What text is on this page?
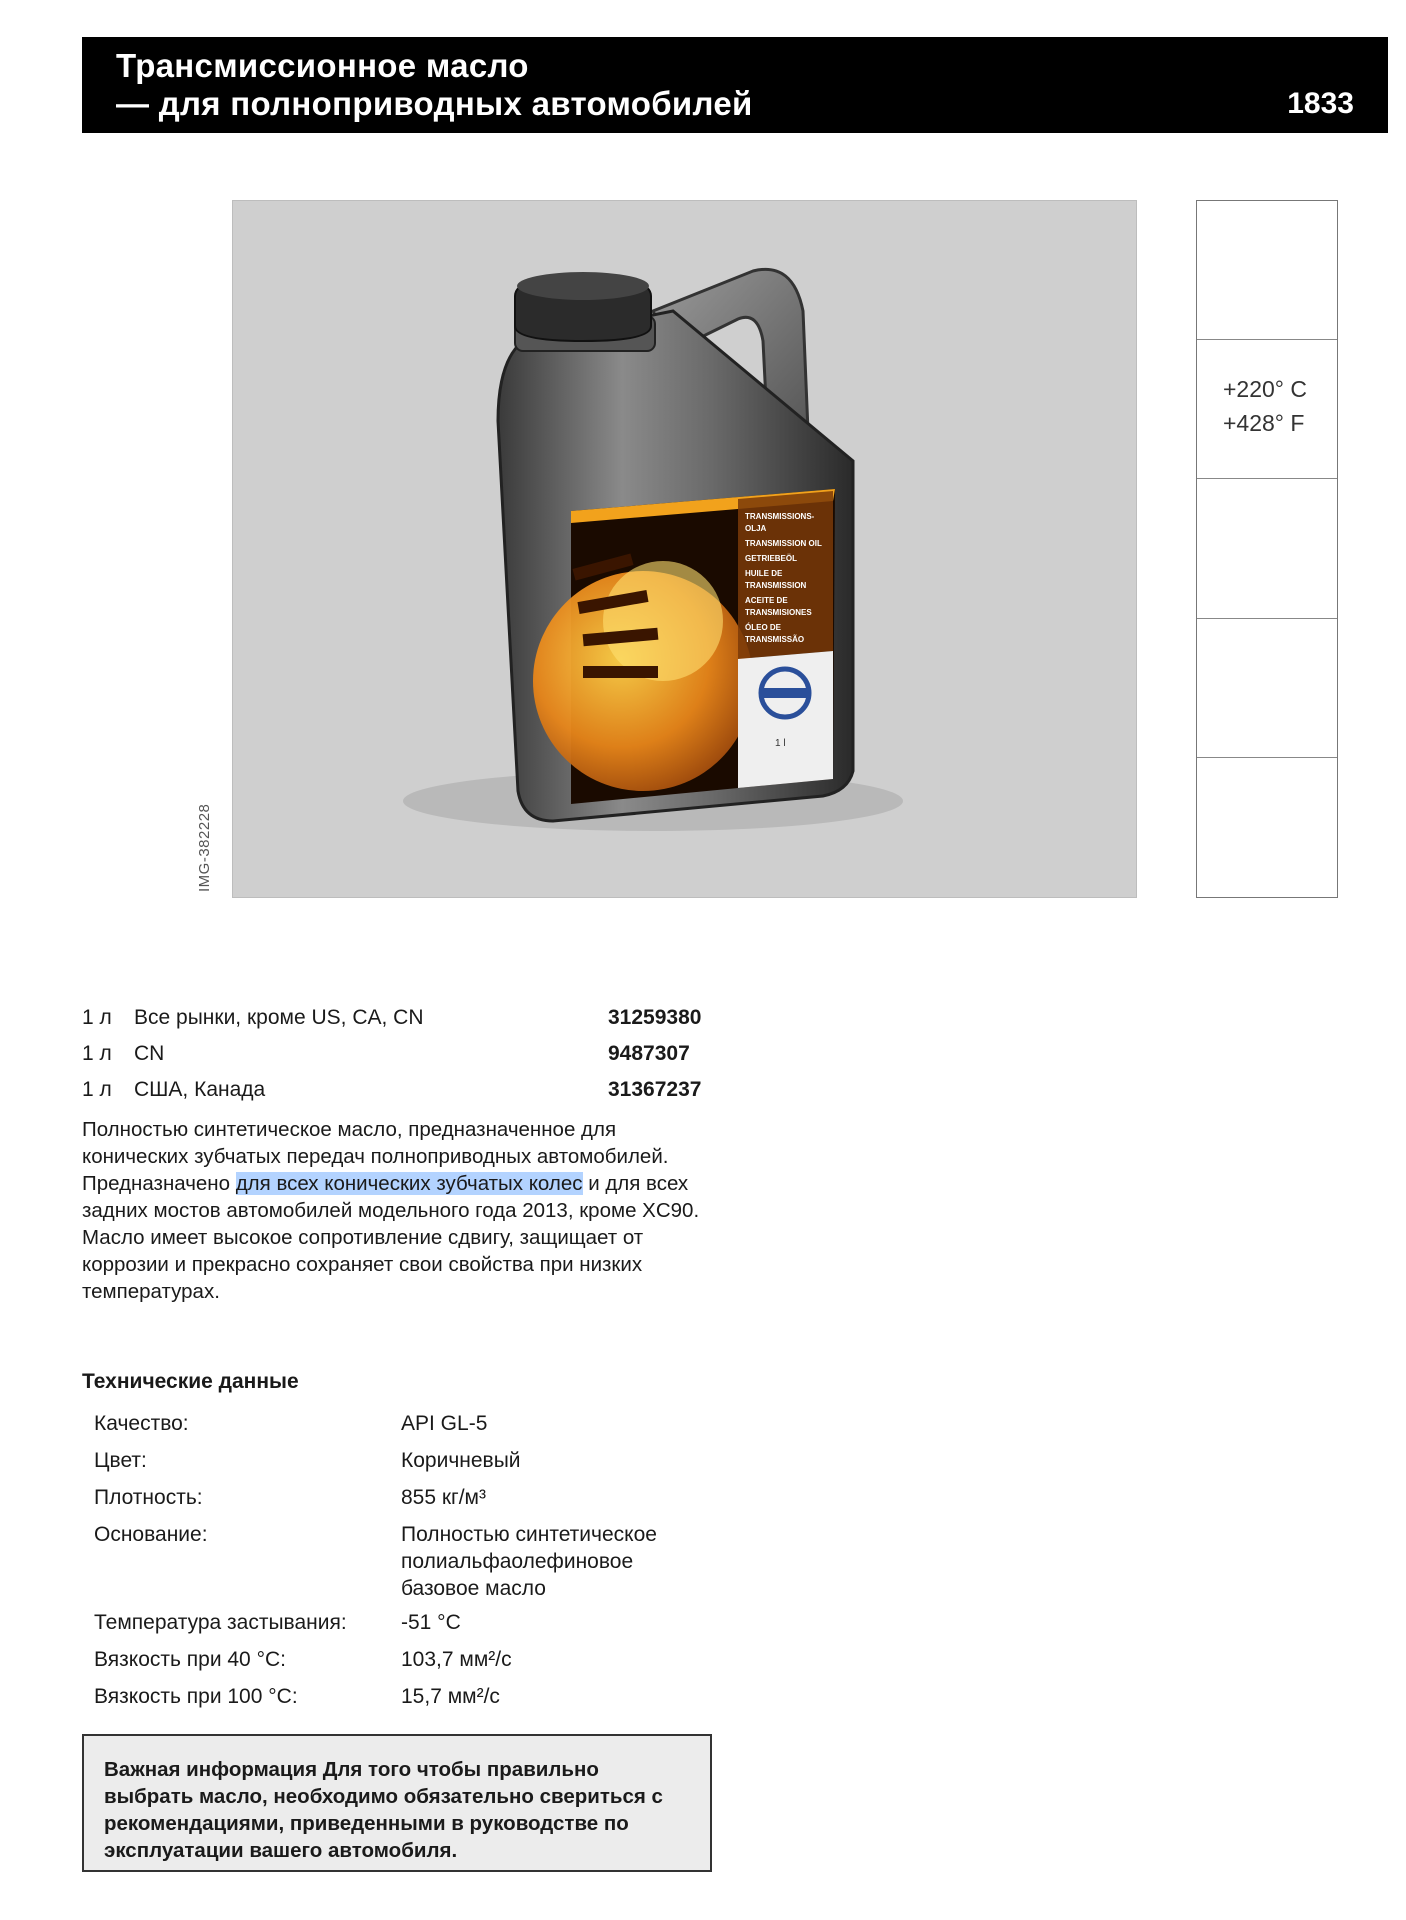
Трансмиссионное масло
— для полноприводных автомобилей	1833
TRANSMISSIONS-
OLJA
TRANSMISSION OIL
GETRIEBEÖL
HUILE DE
TRANSMISSION
ACEITE DE
TRANSMISIONES
ÓLEO DE
TRANSMISSÃO
1 l
IMG-382228
+220° C
+428° F
1 л Все рынки, кроме US, CA, CN	31259380
1 л CN	9487307
1 л США, Канада	31367237

Полностью синтетическое масло, предназначенное для конических зубчатых передач полноприводных автомобилей.

Предназначено для всех конических зубчатых колес и для всех задних мостов автомобилей модельного года 2013, кроме XC90.

Масло имеет высокое сопротивление сдвигу, защищает от коррозии и прекрасно сохраняет свои свойства при низких температурах.

Технические данные
Качество:	API GL-5
Цвет:	Коричневый
Плотность:	855 кг/м³
Основание:	Полностью синтетическое полиальфаолефиновое базовое масло
Температура застывания:	-51 °C
Вязкость при 40 °C:	103,7 мм²/с
Вязкость при 100 °C:	15,7 мм²/с
Важная информация Для того чтобы правильно выбрать масло, необходимо обязательно свериться с рекомендациями, приведенными в руководстве по эксплуатации вашего автомобиля.
